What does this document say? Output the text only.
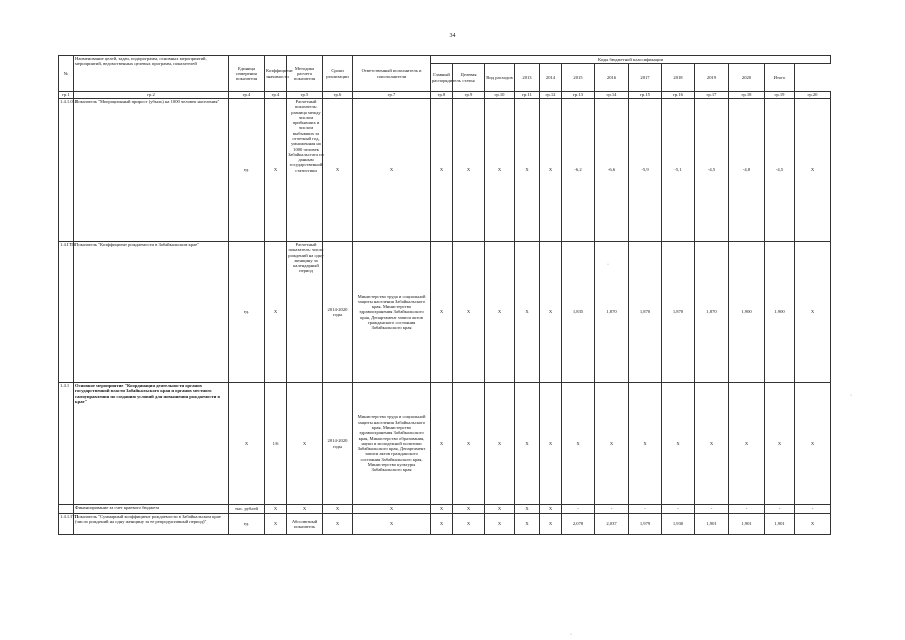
34
№	Наименование целей, задач, подпрограмм, основных мероприятий, мероприятий, ведомственных целевых программ, показателей	Единица измерения показателя	Коэффициент значимости	Методика расчета показателя	Сроки реализации	Ответственный исполнитель и соисполнители	Коды бюджетной классификации												
							Главный распорядитель	Целевая статья	Вид расходов	2013	2014	2015	2016	2017	2018	2019	2020	Итого	
гр.1	гр.2	гр.4	гр.4	гр.5	гр.6	гр.7	гр.8	гр.9	гр.10	гр.11	гр.12	гр.13	гр.14	гр.15	гр.16	гр.17	гр.18	гр.19	гр.20
1.4.1.013	Показатель "Миграционный прирост (убыль) на 1000 человек населения"	ед.	X	Расчетный показатель: разница между числом прибывших и числом выбывших за отчетный год, умноженная на 1000 человек Забайкальстата по данным государственной статистики	X	X	X	X	X	X	X	-6,2	-6,6	-5,9	-5,1	-4,5	-4,8	-4,5	X
1.4.ГП3	Показатель "Коэффициент рождаемости в Забайкальском крае"	ед.	X	Расчетный показатель: число рождений на одну женщину за календарный период	2014-2020 годы	Министерство труда и социальной защиты населения Забайкальского края, Министерство здравоохранения Забайкальского края, Департамент записи актов гражданского состояния Забайкальского края	X	X	X	X	X	1,835	1,870	1,870	1,870	1,870	1,900	1,900	X
1.4.1	Основное мероприятие "Координация деятельности органов государственной власти Забайкальского края и органов местного самоуправления по созданию условий для повышения рождаемости в крае"	X	1/6	X	2014-2020 годы	Министерство труда и социальной защиты населения Забайкальского края, Министерство здравоохранения Забайкальского края, Министерство образования, науки и молодежной политики Забайкальского края, Департамент записи актов гражданского состояния Забайкальского края, Министерство культуры Забайкальского края	X	X	X	X	X	X	X	X	X	X	X	X	X
	Финансирование за счет краевого бюджета	тыс. рублей	X	X	X	X	X	X	X	X	X	-	-	-	-	-	-	-	-
1.4.1.ГП1	Показатель "Суммарный коэффициент рождаемости в Забайкальском крае (число рождений на одну женщину за ее репродуктивный период)"	ед.	X	Абсолютный показатель	X	X	X	X	X	X	X	2,078	2,037	1,979	1,930	1,901	1,901	1,901	X
·
·
·
